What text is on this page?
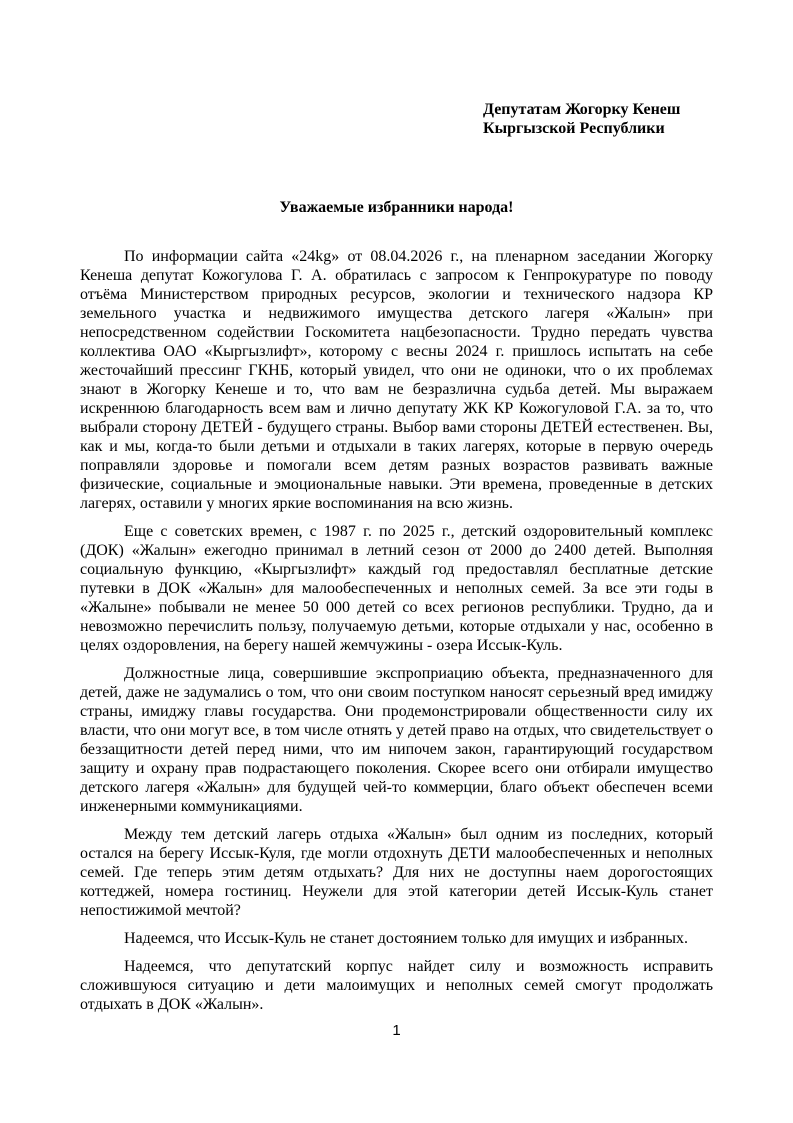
Депутатам Жогорку Кенеш
Кыргызской Республики
Уважаемые избранники народа!

По информации сайта «24kg» от 08.04.2026 г., на пленарном заседании Жогорку Кенеша депутат Кожогулова Г. А. обратилась с запросом к Генпрокуратуре по поводу отъёма Министерством природных ресурсов, экологии и технического надзора КР земельного участка и недвижимого имущества детского лагеря «Жалын» при непосредственном содействии Госкомитета нацбезопасности. Трудно передать чувства коллектива ОАО «Кыргызлифт», которому с весны 2024 г. пришлось испытать на себе жесточайший прессинг ГКНБ, который увидел, что они не одиноки, что о их проблемах знают в Жогорку Кенеше и то, что вам не безразлична судьба детей. Мы выражаем искреннюю благодарность всем вам и лично депутату ЖК КР Кожогуловой Г.А. за то, что выбрали сторону ДЕТЕЙ - будущего страны. Выбор вами стороны ДЕТЕЙ естественен. Вы, как и мы, когда-то были детьми и отдыхали в таких лагерях, которые в первую очередь поправляли здоровье и помогали всем детям разных возрастов развивать важные физические, социальные и эмоциональные навыки. Эти времена, проведенные в детских лагерях, оставили у многих яркие воспоминания на всю жизнь.

Еще с советских времен, с 1987 г. по 2025 г., детский оздоровительный комплекс (ДОК) «Жалын» ежегодно принимал в летний сезон от 2000 до 2400 детей. Выполняя социальную функцию, «Кыргызлифт» каждый год предоставлял бесплатные детские путевки в ДОК «Жалын» для малообеспеченных и неполных семей. За все эти годы в «Жалыне» побывали не менее 50 000 детей со всех регионов республики. Трудно, да и невозможно перечислить пользу, получаемую детьми, которые отдыхали у нас, особенно в целях оздоровления, на берегу нашей жемчужины - озера Иссык-Куль.

Должностные лица, совершившие экспроприацию объекта, предназначенного для детей, даже не задумались о том, что они своим поступком наносят серьезный вред имиджу страны, имиджу главы государства. Они продемонстрировали общественности силу их власти, что они могут все, в том числе отнять у детей право на отдых, что свидетельствует о беззащитности детей перед ними, что им нипочем закон, гарантирующий государством защиту и охрану прав подрастающего поколения. Скорее всего они отбирали имущество детского лагеря «Жалын» для будущей чей-то коммерции, благо объект обеспечен всеми инженерными коммуникациями.

Между тем детский лагерь отдыха «Жалын» был одним из последних, который остался на берегу Иссык-Куля, где могли отдохнуть ДЕТИ малообеспеченных и неполных семей. Где теперь этим детям отдыхать? Для них не доступны наем дорогостоящих коттеджей, номера гостиниц. Неужели для этой категории детей Иссык-Куль станет непостижимой мечтой?

Надеемся, что Иссык-Куль не станет достоянием только для имущих и избранных.

Надеемся, что депутатский корпус найдет силу и возможность исправить сложившуюся ситуацию и дети малоимущих и неполных семей смогут продолжать отдыхать в ДОК «Жалын».

1
